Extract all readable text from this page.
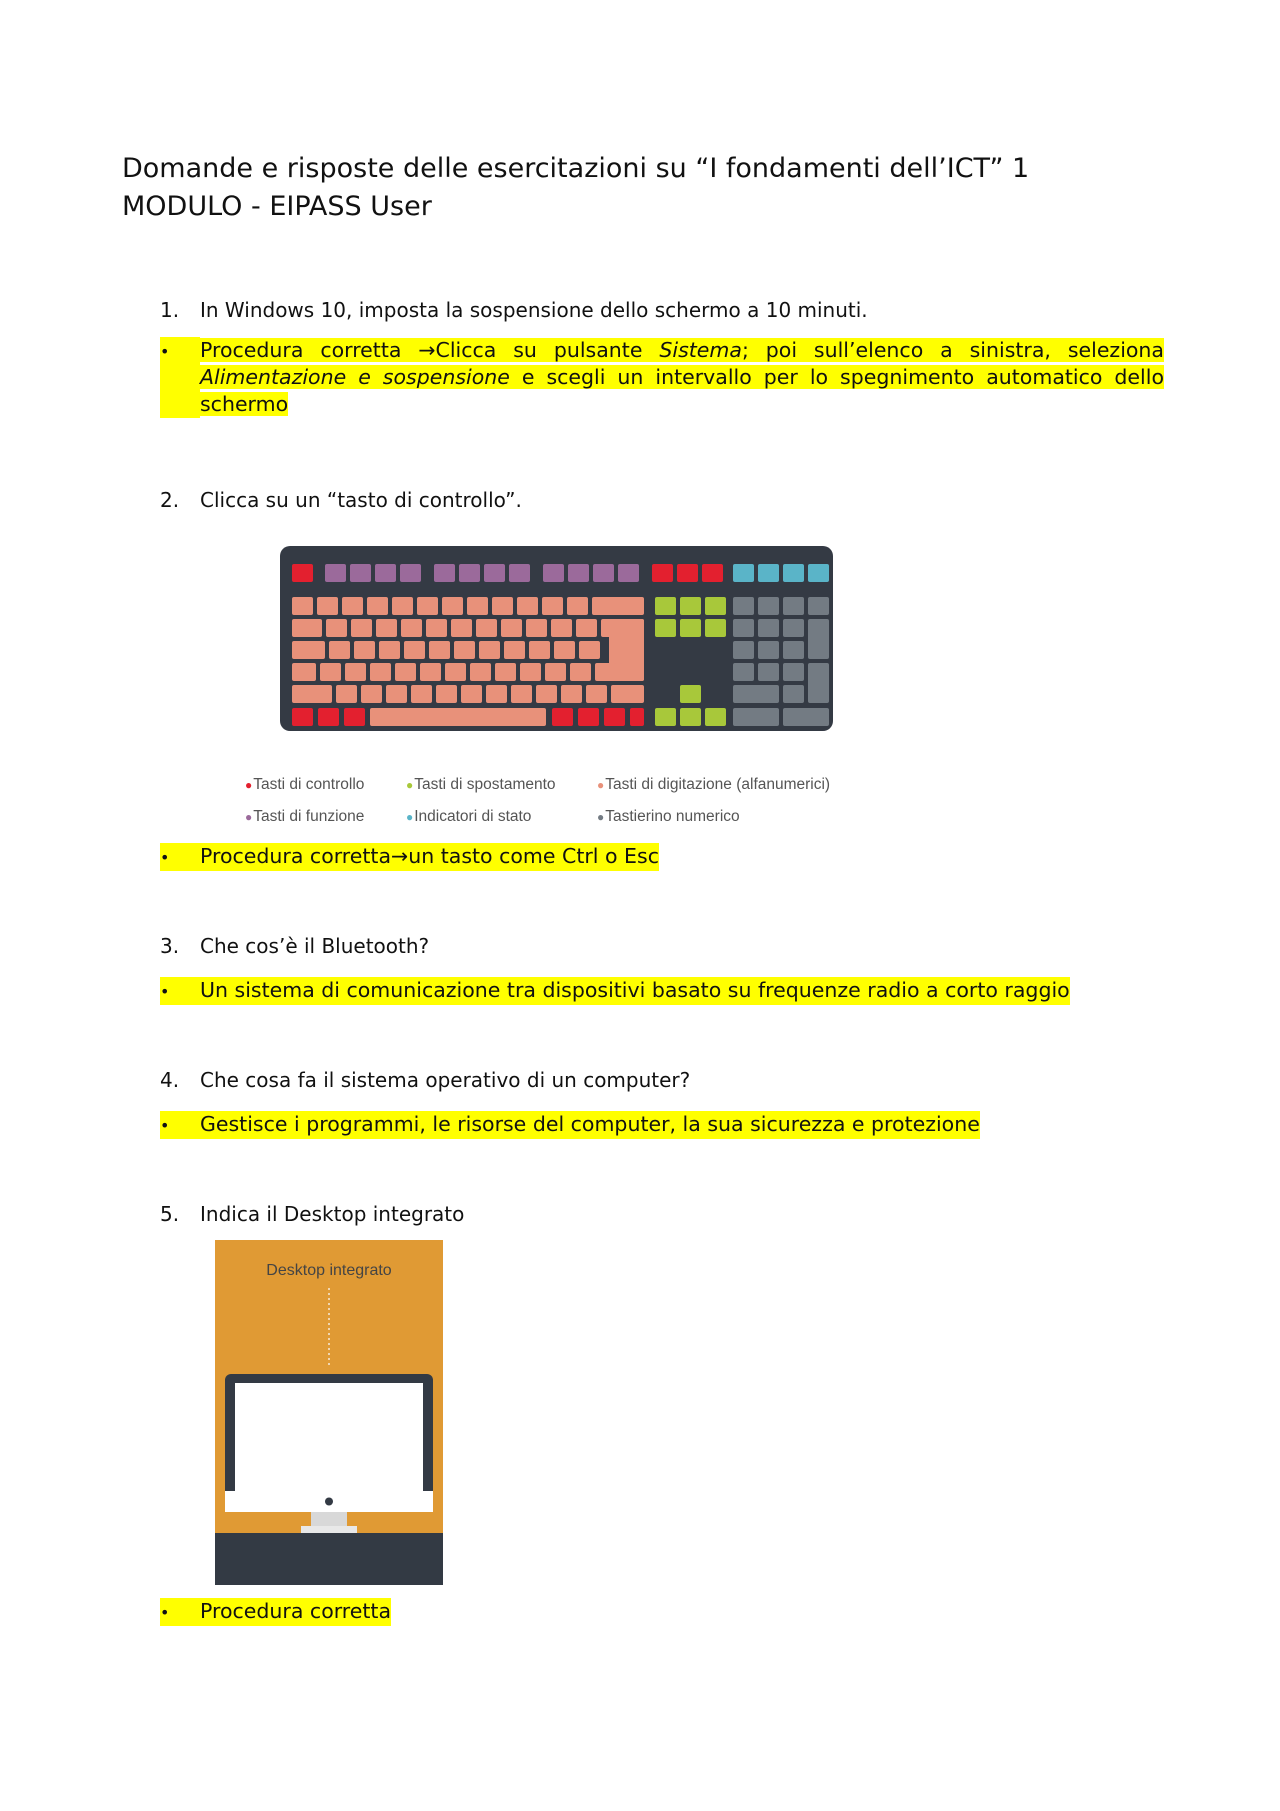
Domande e risposte delle esercitazioni su “I fondamenti dell’ICT” 1
MODULO - EIPASS User
1.	In Windows 10, imposta la sospensione dello schermo a 10 minuti.
•	Procedura corretta →Clicca su pulsante Sistema; poi sull’elenco a sinistra, seleziona Alimentazione e sospensione e scegli un intervallo per lo spegnimento automatico dello schermo
2.	Clicca su un “tasto di controllo”.
●Tasti di controllo	●Tasti di spostamento	●Tasti di digitazione (alfanumerici)
●Tasti di funzione	●Indicatori di stato	●Tastierino numerico
•	Procedura corretta → un tasto come Ctrl o Esc
3.	Che cos’è il Bluetooth?
•	Un sistema di comunicazione tra dispositivi basato su frequenze radio a corto raggio
4.	Che cosa fa il sistema operativo di un computer?
•	Gestisce i programmi, le risorse del computer, la sua sicurezza e protezione
5.	Indica il Desktop integrato
Desktop integrato
•	Procedura corretta
